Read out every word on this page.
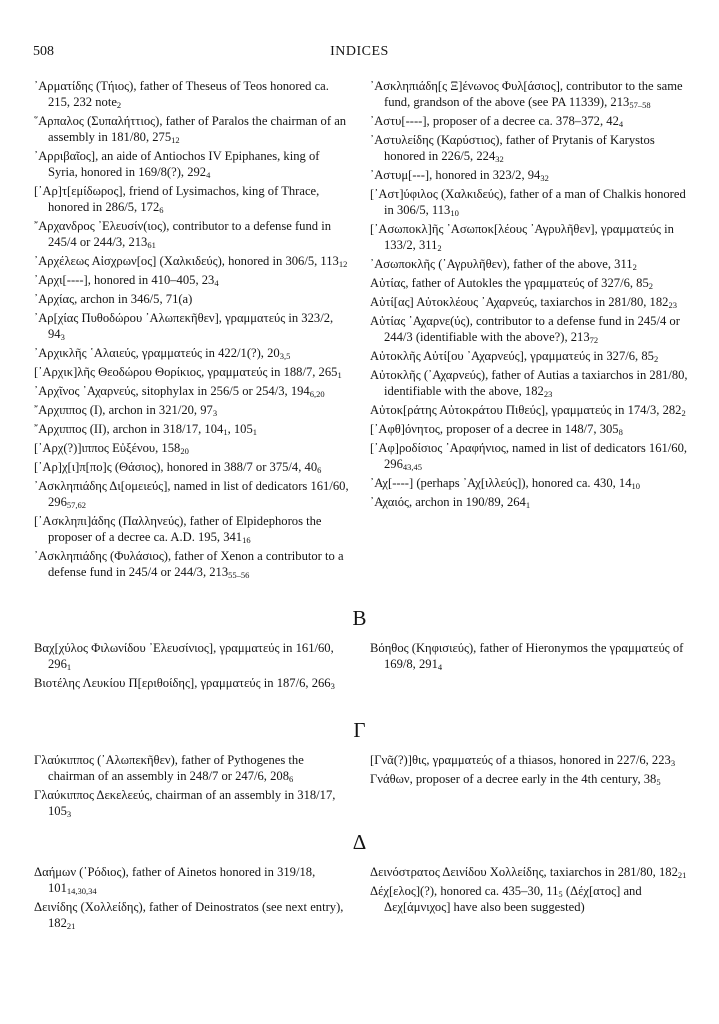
508	INDICES

᾿Αρματίδης (Τήιος), father of Theseus of Teos honored ca. 215, 232 note$_2$

῞Αρπαλος (Συπαλήττιος), father of Paralos the chairman of an assembly in 181/80, $275_{12}$

᾿Αρριβαῖος], an aide of Antiochos IV Epiphanes, king of Syria, honored in 169/8(?), $292_4$

[᾿Αρ]τ[εμίδωρος], friend of Lysimachos, king of Thrace, honored in 286/5, $172_6$

῎Αρχανδρος ᾿Ελευσίν(ιος), contributor to a defense fund in 245/4 or 244/3, $213_{61}$

᾿Αρχέλεως Αἰσχρων[ος] (Χαλκιδεύς), honored in 306/5, $113_{12}$

᾿Αρχι[----], honored in 410–405, $23_4$

᾿Αρχίας, archon in 346/5, 71(a)

᾿Αρ[χίας Πυθοδώρου ᾿Αλωπεκῆθεν], γραμματεύς in 323/2, $94_3$

᾿Αρχικλῆς ῾Αλαιεύς, γραμματεύς in 422/1(?), $20_{3,5}$

[᾿Αρχικ]λῆς Θεοδώρου Θορίκιος, γραμματεύς in 188/7, $265_1$

᾿Αρχῖνος ᾿Αχαρνεύς, sitophylax in 256/5 or 254/3, $194_{6,20}$

῎Αρχιππος (I), archon in 321/20, $97_3$

῎Αρχιππος (II), archon in 318/17, $104_1$, $105_1$

[᾿Αρχ(?)]ιππος Εὐξένου, $158_{20}$

[᾿Αρ]χ[ι]π[πο]ς (Θάσιος), honored in 388/7 or 375/4, $40_6$

᾿Ασκληπιάδης Δι[ομειεύς], named in list of dedicators 161/60, $296_{57,62}$

[᾿Ασκληπι]άδης (Παλληνεύς), father of Elpidephoros the proposer of a decree ca. A.D. 195, $341_{16}$

᾿Ασκληπιάδης (Φυλάσιος), father of Xenon a contributor to a defense fund in 245/4 or 244/3, $213_{55-56}$

᾿Ασκληπιάδη[ς Ξ]ένωνος Φυλ[άσιος], contributor to the same fund, grandson of the above (see PA 11339), $213_{57-58}$

᾿Αστυ[----], proposer of a decree ca. 378–372, $42_4$

᾿Αστυλείδης (Καρύστιος), father of Prytanis of Karystos honored in 226/5, $224_{32}$

᾿Αστυμ[---], honored in 323/2, $94_{32}$

[᾿Αστ]ύφιλος (Χαλκιδεύς), father of a man of Chalkis honored in 306/5, $113_{10}$

[᾿Ασωποκλ]ῆς ᾿Ασωποκ[λέους ᾿Αγρυλῆθεν], γραμματεύς in 133/2, $311_2$

᾿Ασωποκλῆς (᾿Αγρυλῆθεν), father of the above, $311_2$

Αὐτίας, father of Autokles the γραμματεύς of 327/6, $85_2$

Αὐτί[ας] Αὐτοκλέους ᾿Αχαρνεύς, taxiarchos in 281/80, $182_{23}$

Αὐτίας ᾿Αχαρνε(ύς), contributor to a defense fund in 245/4 or 244/3 (identifiable with the above?), $213_{72}$

Αὐτοκλῆς Αὐτί[ου ᾿Αχαρνεύς], γραμματεύς in 327/6, $85_2$

Αὐτοκλῆς (᾿Αχαρνεύς), father of Autias a taxiarchos in 281/80, identifiable with the above, $182_{23}$

Αὐτοκ[ράτης Αὐτοκράτου Πιθεύς], γραμματεύς in 174/3, $282_2$

[᾿Αφθ]όνητος, proposer of a decree in 148/7, $305_8$

[᾿Αφ]ροδίσιος ᾿Αραφήνιος, named in list of dedicators 161/60, $296_{43,45}$

᾿Αχ[----] (perhaps ᾿Αχ[ιλλεύς]), honored ca. 430, $14_{10}$

᾿Αχαιός, archon in 190/89, $264_1$

B

Βαχ[χύλος Φιλωνίδου ᾿Ελευσίνιος], γραμματεύς in 161/60, $296_1$

Βιοτέλης Λευκίου Π[εριθοίδης], γραμματεύς in 187/6, $266_3$

Βόηθος (Κηφισιεύς), father of Hieronymos the γραμματεύς of 169/8, $291_4$

Γ

Γλαύκιππος (᾿Αλωπεκῆθεν), father of Pythogenes the chairman of an assembly in 248/7 or 247/6, $208_6$

Γλαύκιππος Δεκελεεύς, chairman of an assembly in 318/17, $105_3$

[Γνᾶ(?)]θις, γραμματεύς of a thiasos, honored in 227/6, $223_3$

Γνάθων, proposer of a decree early in the 4th century, $38_5$

Δ

Δαήμων (῾Ρόδιος), father of Ainetos honored in 319/18, $101_{14,30,34}$

Δεινίδης (Χολλείδης), father of Deinostratos (see next entry), $182_{21}$

Δεινόστρατος Δεινίδου Χολλείδης, taxiarchos in 281/80, $182_{21}$

Δέχ[ελος](?), honored ca. 435–30, $11_5$ (Δέχ[ατος] and Δεχ[άμνιχος] have also been suggested)
